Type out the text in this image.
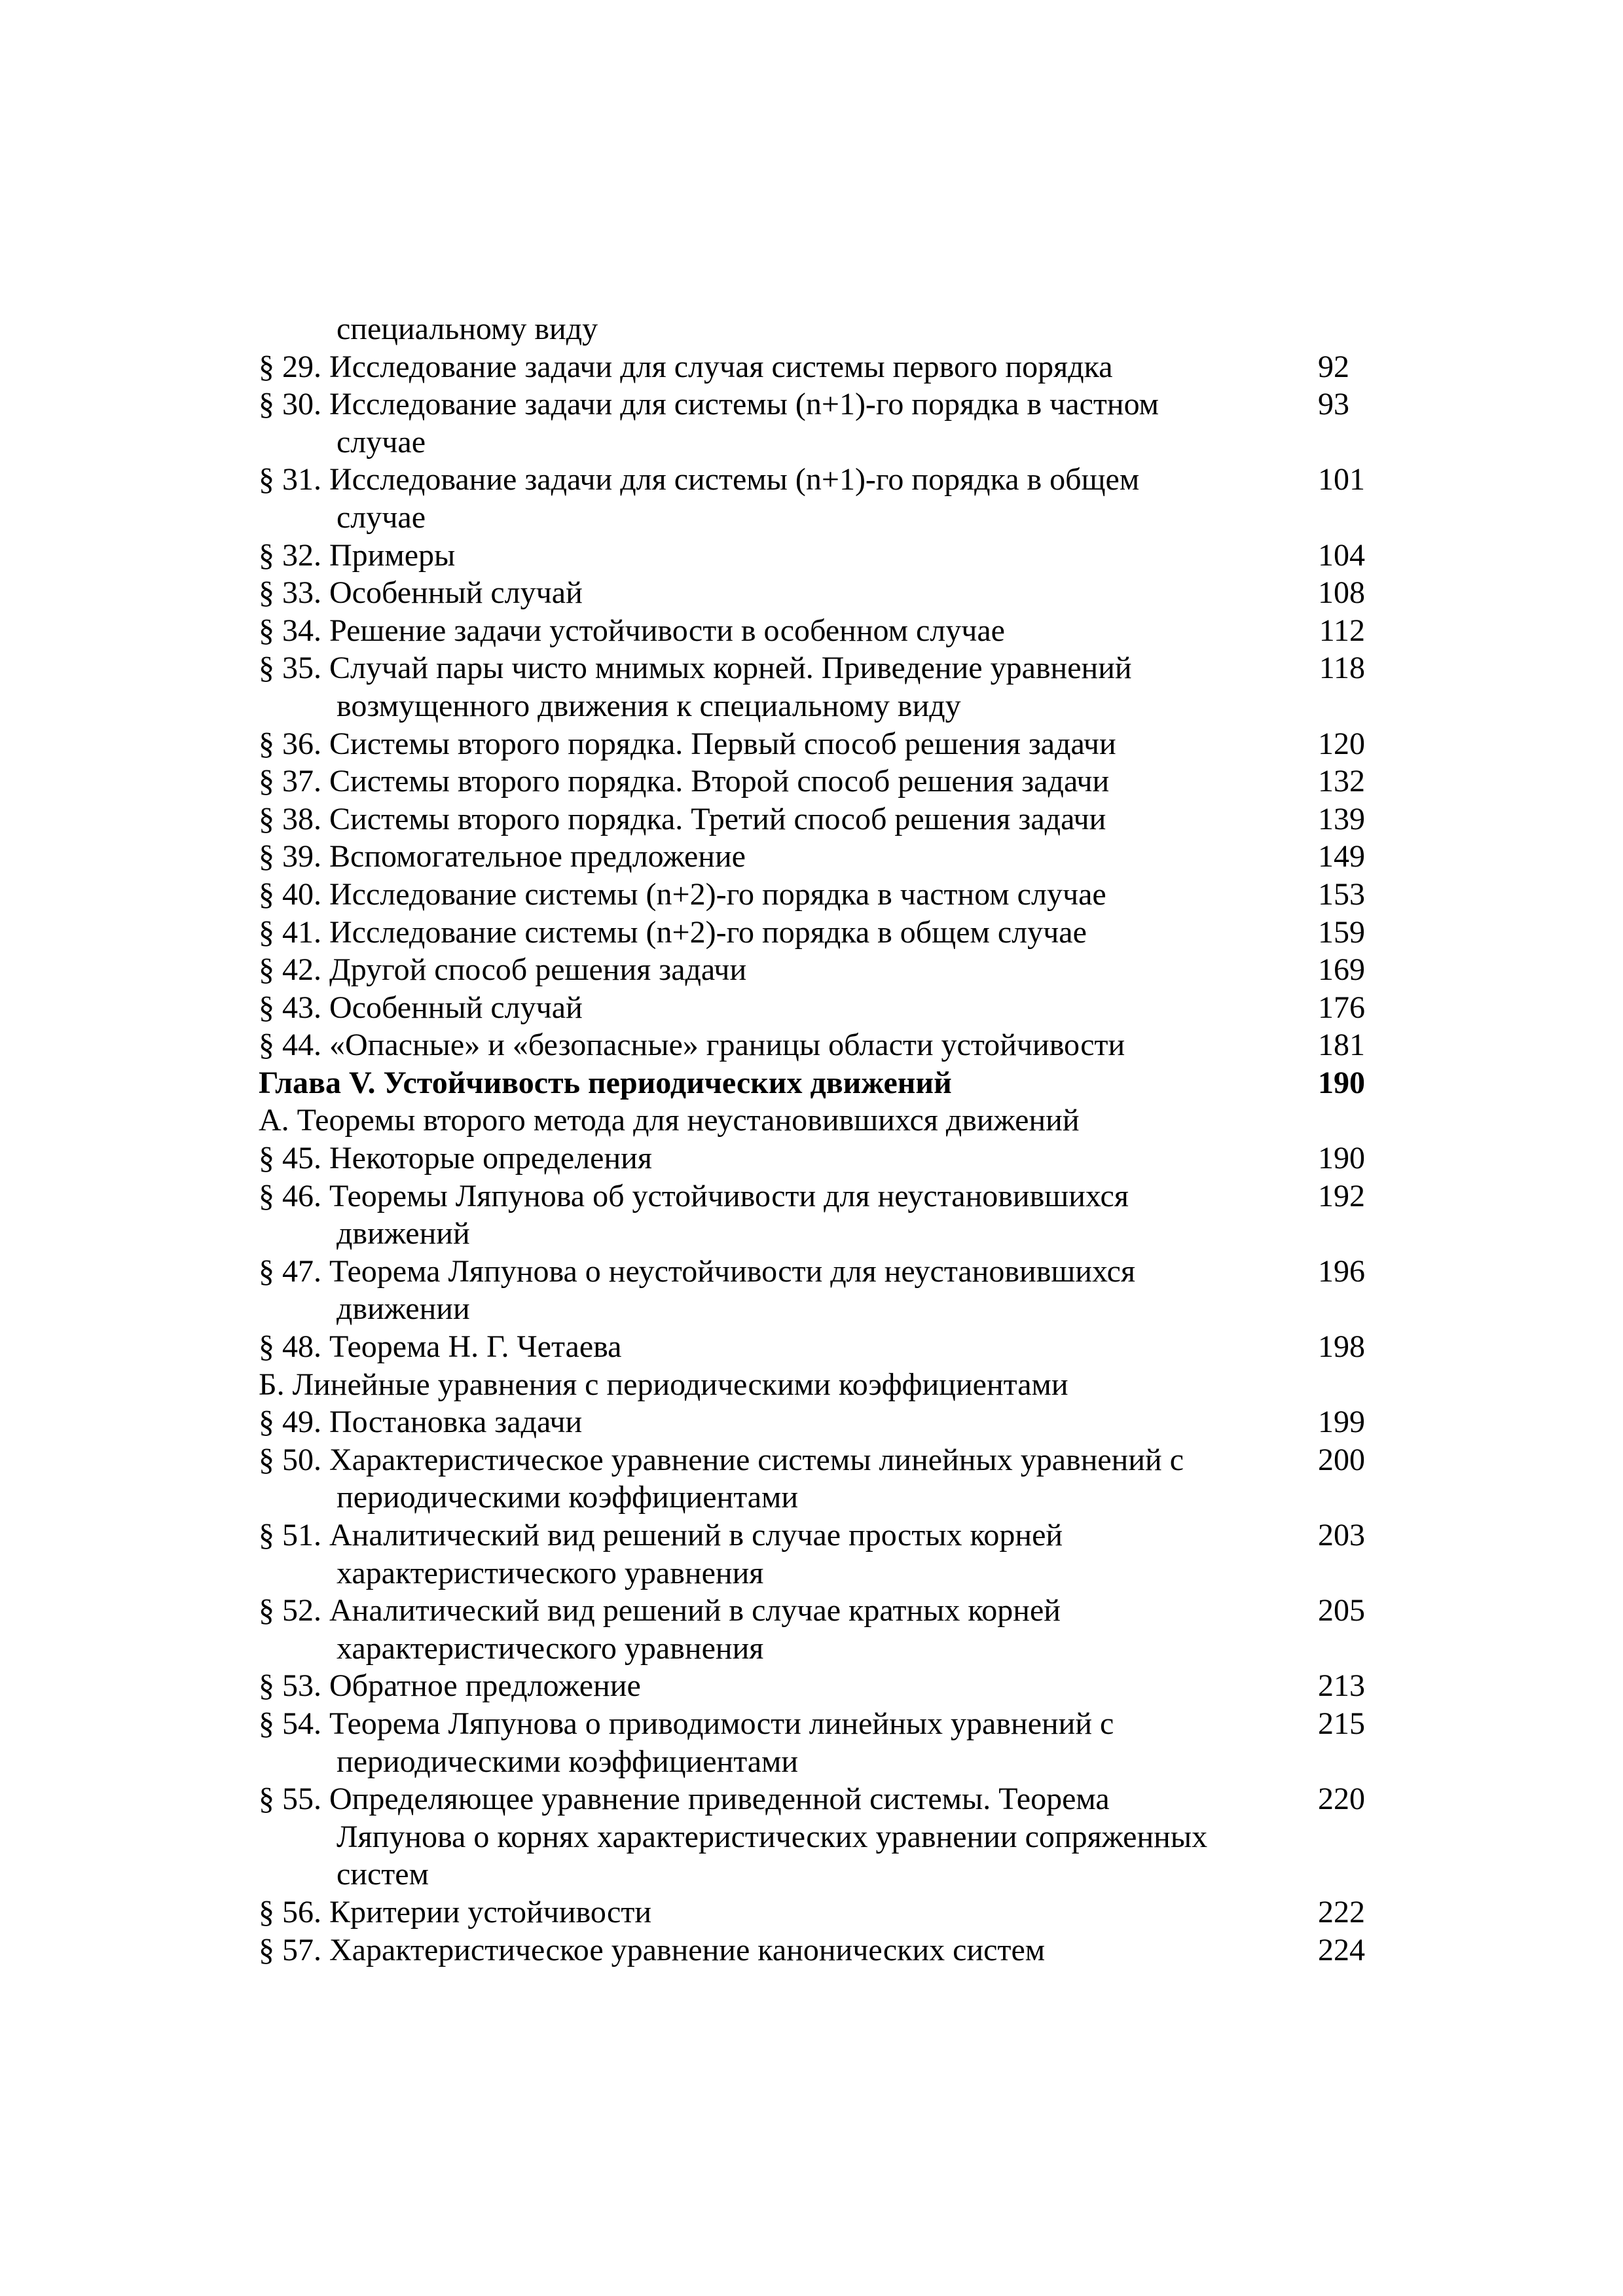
специальному виду
§ 29. Исследование задачи для случая системы первого порядка	92
§ 30. Исследование задачи для системы (n+1)-го порядка в частном
случае
93
§ 31. Исследование задачи для системы (n+1)-го порядка в общем
случае
101
§ 32. Примеры	104
§ 33. Особенный случай	108
§ 34. Решение задачи устойчивости в особенном случае	112
§ 35. Случай пары чисто мнимых корней. Приведение уравнений
возмущенного движения к специальному виду
118
§ 36. Системы второго порядка. Первый способ решения задачи	120
§ 37. Системы второго порядка. Второй способ решения задачи	132
§ 38. Системы второго порядка. Третий способ решения задачи	139
§ 39. Вспомогательное предложение	149
§ 40. Исследование системы (n+2)-го порядка в частном случае	153
§ 41. Исследование системы (n+2)-го порядка в общем случае	159
§ 42. Другой способ решения задачи	169
§ 43. Особенный случай	176
§ 44. «Опасные» и «безопасные» границы области устойчивости	181
Глава V. Устойчивость периодических движений	190
А. Теоремы второго метода для неустановившихся движений
§ 45. Некоторые определения	190
§ 46. Теоремы Ляпунова об устойчивости для неустановившихся
движений
192
§ 47. Теорема Ляпунова о неустойчивости для неустановившихся
движении
196
§ 48. Теорема Н. Г. Четаева	198
Б. Линейные уравнения с периодическими коэффициентами
§ 49. Постановка задачи	199
§ 50. Характеристическое уравнение системы линейных уравнений с
периодическими коэффициентами
200
§ 51. Аналитический вид решений в случае простых корней
характеристического уравнения
203
§ 52. Аналитический вид решений в случае кратных корней
характеристического уравнения
205
§ 53. Обратное предложение	213
§ 54. Теорема Ляпунова о приводимости линейных уравнений с
периодическими коэффициентами
215
§ 55. Определяющее уравнение приведенной системы. Теорема
Ляпунова о корнях характеристических уравнении сопряженных
систем
220
§ 56. Критерии устойчивости	222
§ 57. Характеристическое уравнение канонических систем	224
